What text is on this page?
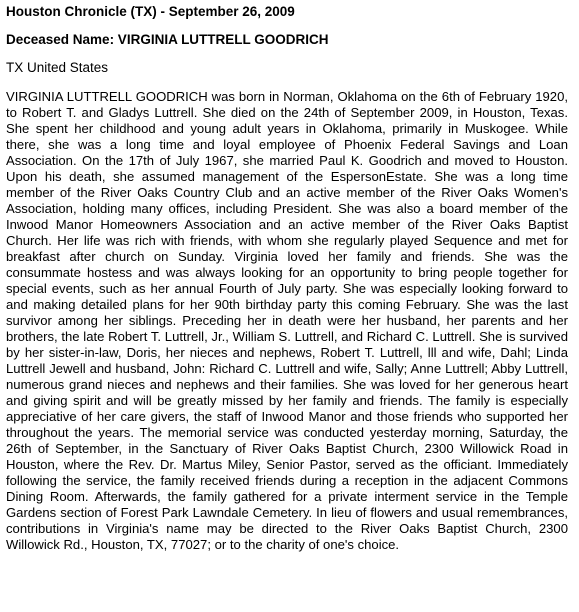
Houston Chronicle (TX) - September 26, 2009
Deceased Name: VIRGINIA LUTTRELL GOODRICH
TX United States

VIRGINIA LUTTRELL GOODRICH was born in Norman, Oklahoma on the 6th of February 1920, to Robert T. and Gladys Luttrell. She died on the 24th of September 2009, in Houston, Texas. She spent her childhood and young adult years in Oklahoma, primarily in Muskogee. While there, she was a long time and loyal employee of Phoenix Federal Savings and Loan Association. On the 17th of July 1967, she married Paul K. Goodrich and moved to Houston. Upon his death, she assumed management of the EspersonEstate. She was a long time member of the River Oaks Country Club and an active member of the River Oaks Women's Association, holding many offices, including President. She was also a board member of the Inwood Manor Homeowners Association and an active member of the River Oaks Baptist Church. Her life was rich with friends, with whom she regularly played Sequence and met for breakfast after church on Sunday. Virginia loved her family and friends. She was the consummate hostess and was always looking for an opportunity to bring people together for special events, such as her annual Fourth of July party. She was especially looking forward to and making detailed plans for her 90th birthday party this coming February. She was the last survivor among her siblings. Preceding her in death were her husband, her parents and her brothers, the late Robert T. Luttrell, Jr., William S. Luttrell, and Richard C. Luttrell. She is survived by her sister-in-law, Doris, her nieces and nephews, Robert T. Luttrell, lll and wife, Dahl; Linda Luttrell Jewell and husband, John: Richard C. Luttrell and wife, Sally; Anne Luttrell; Abby Luttrell, numerous grand nieces and nephews and their families. She was loved for her generous heart and giving spirit and will be greatly missed by her family and friends. The family is especially appreciative of her care givers, the staff of Inwood Manor and those friends who supported her throughout the years. The memorial service was conducted yesterday morning, Saturday, the 26th of September, in the Sanctuary of River Oaks Baptist Church, 2300 Willowick Road in Houston, where the Rev. Dr. Martus Miley, Senior Pastor, served as the officiant. Immediately following the service, the family received friends during a reception in the adjacent Commons Dining Room. Afterwards, the family gathered for a private interment service in the Temple Gardens section of Forest Park Lawndale Cemetery. In lieu of flowers and usual remembrances, contributions in Virginia's name may be directed to the River Oaks Baptist Church, 2300 Willowick Rd., Houston, TX, 77027; or to the charity of one's choice.
